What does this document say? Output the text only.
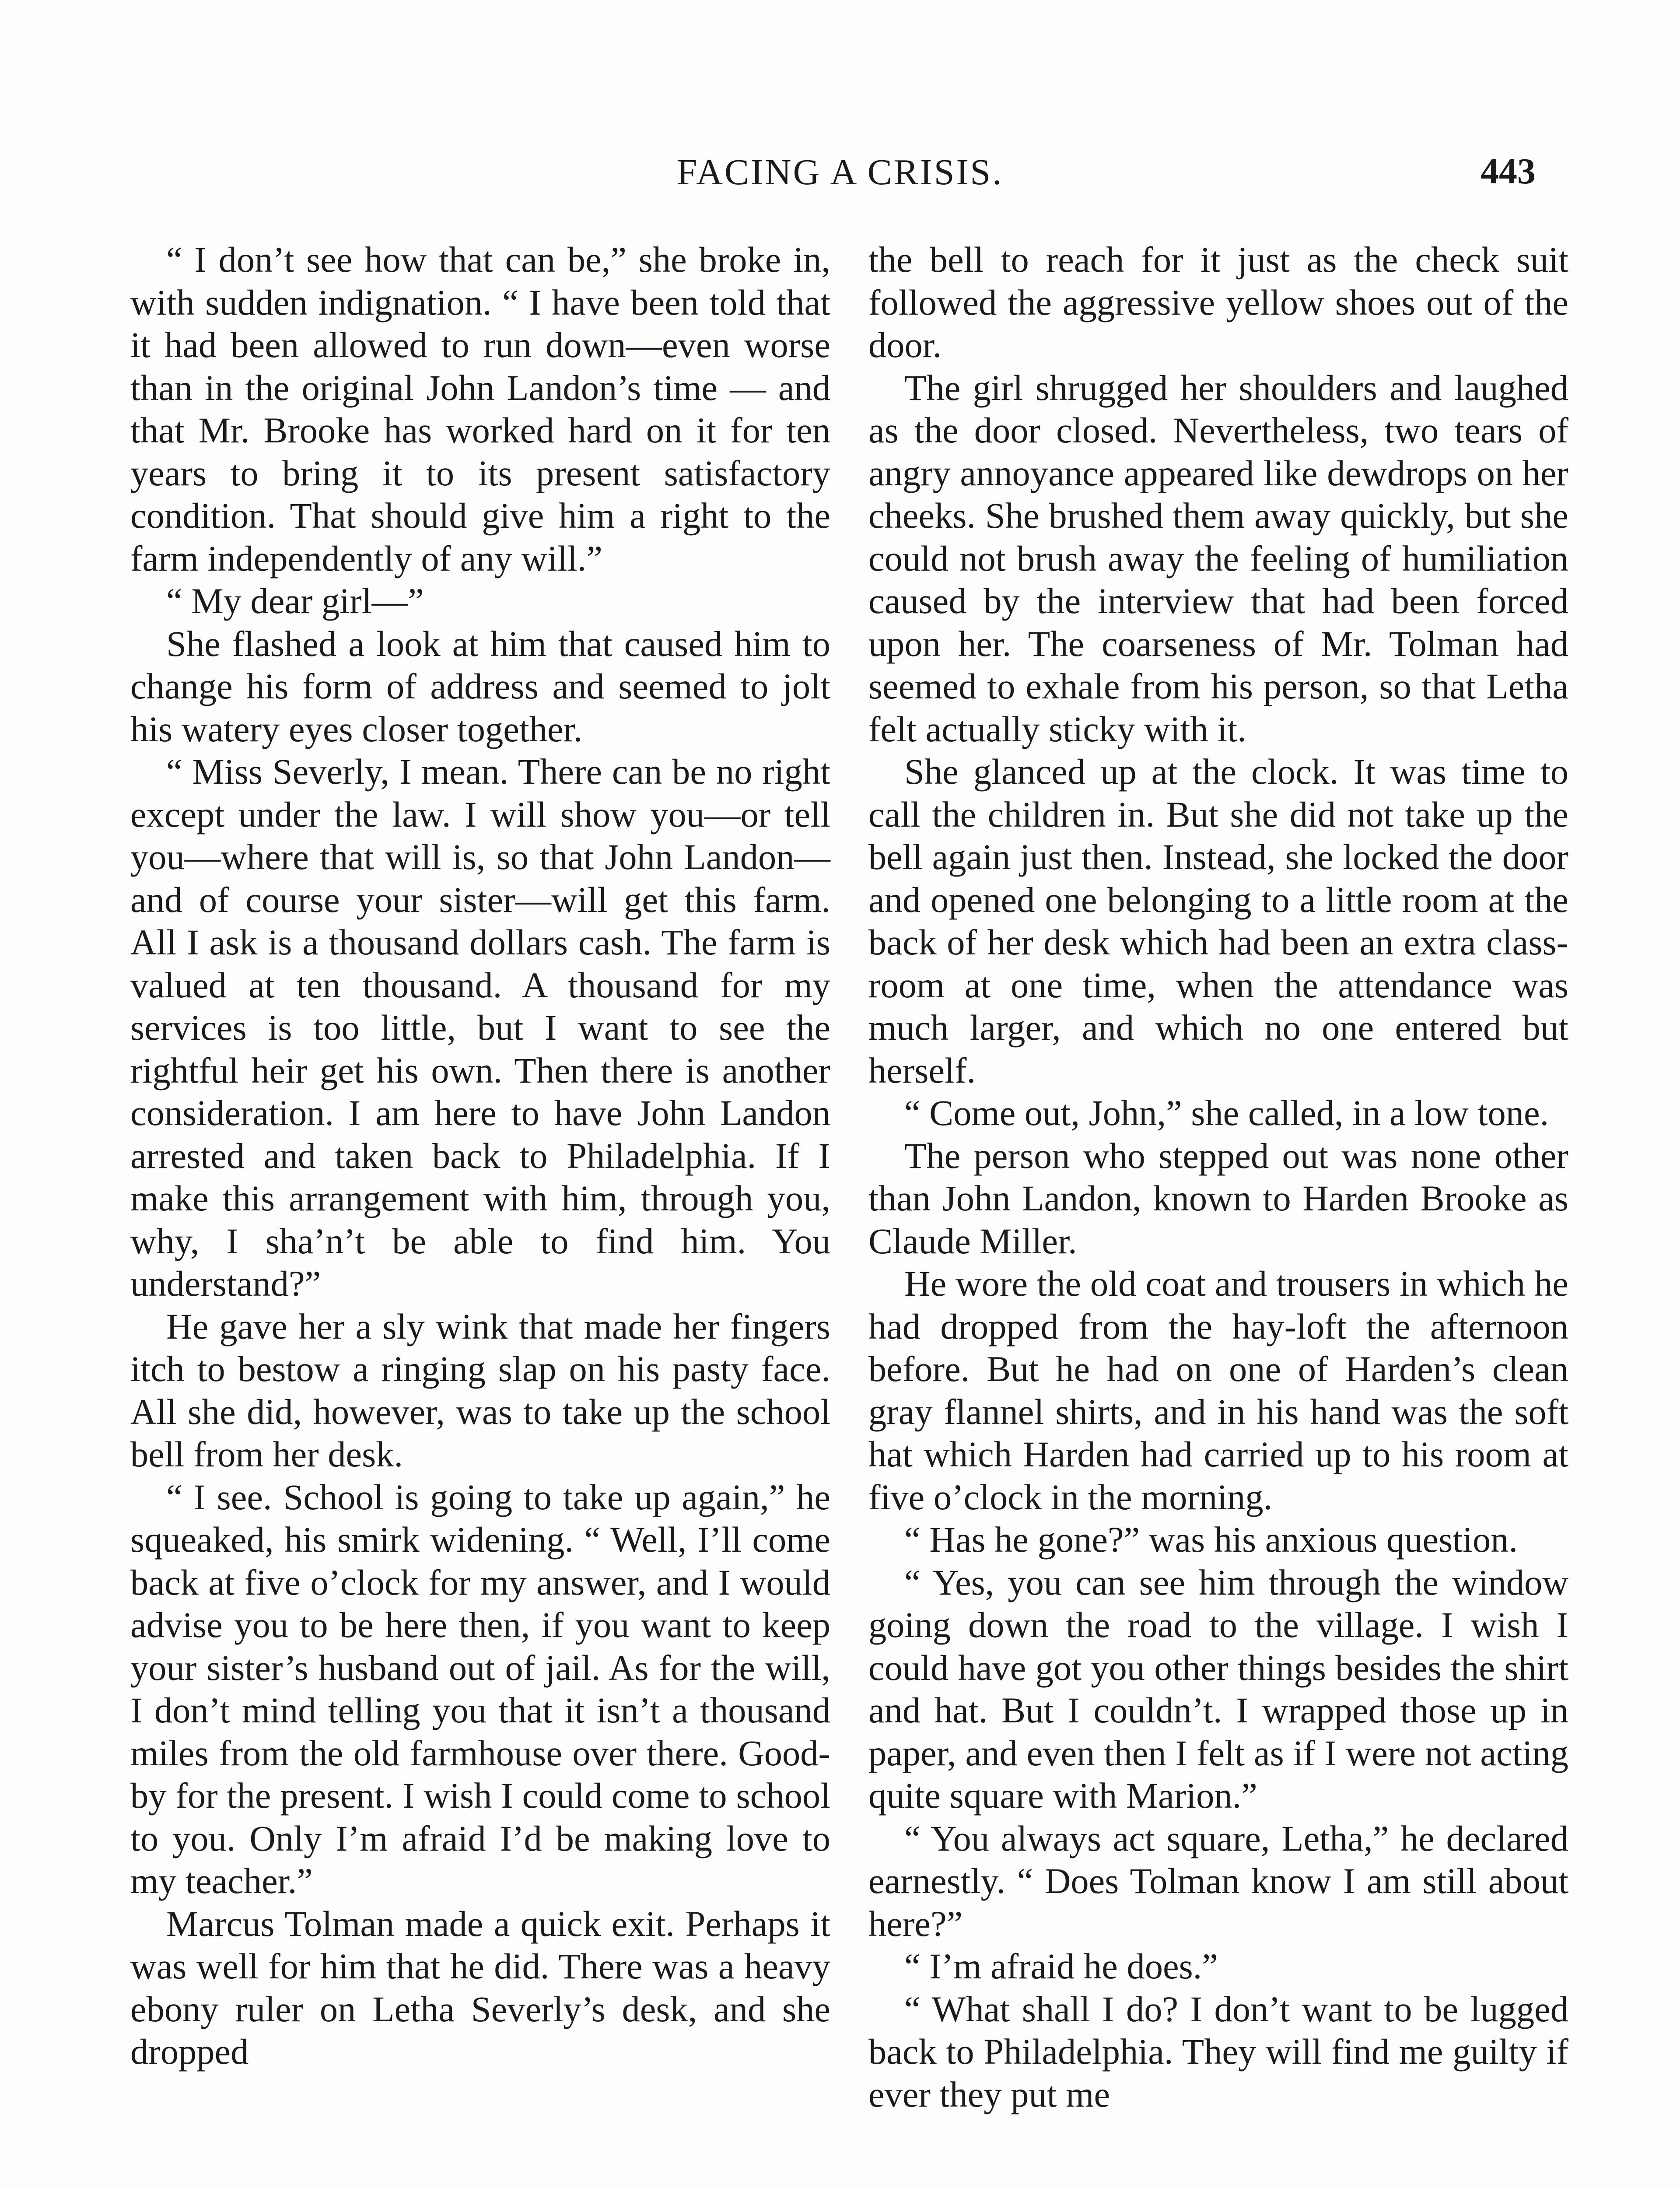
FACING A CRISIS.	443

“ I don’t see how that can be,” she broke in, with sudden indignation. “ I have been told that it had been allowed to run down—even worse than in the original John Landon’s time — and that Mr. Brooke has worked hard on it for ten years to bring it to its present satisfactory condition. That should give him a right to the farm independently of any will.”

“ My dear girl—”

She flashed a look at him that caused him to change his form of address and seemed to jolt his watery eyes closer together.

“ Miss Severly, I mean. There can be no right except under the law. I will show you—or tell you—where that will is, so that John Landon—and of course your sister—will get this farm. All I ask is a thousand dollars cash. The farm is valued at ten thousand. A thousand for my services is too little, but I want to see the rightful heir get his own. Then there is another consideration. I am here to have John Landon arrested and taken back to Philadelphia. If I make this arrangement with him, through you, why, I sha’n’t be able to find him. You understand?”

He gave her a sly wink that made her fingers itch to bestow a ringing slap on his pasty face. All she did, however, was to take up the school bell from her desk.

“ I see. School is going to take up again,” he squeaked, his smirk widening. “ Well, I’ll come back at five o’clock for my answer, and I would advise you to be here then, if you want to keep your sister’s husband out of jail. As for the will, I don’t mind telling you that it isn’t a thousand miles from the old farmhouse over there. Good-by for the present. I wish I could come to school to you. Only I’m afraid I’d be making love to my teacher.”

Marcus Tolman made a quick exit. Perhaps it was well for him that he did. There was a heavy ebony ruler on Letha Severly’s desk, and she dropped

the bell to reach for it just as the check suit followed the aggressive yellow shoes out of the door.

The girl shrugged her shoulders and laughed as the door closed. Nevertheless, two tears of angry annoyance appeared like dewdrops on her cheeks. She brushed them away quickly, but she could not brush away the feeling of humiliation caused by the interview that had been forced upon her. The coarseness of Mr. Tolman had seemed to exhale from his person, so that Letha felt actually sticky with it.

She glanced up at the clock. It was time to call the children in. But she did not take up the bell again just then. Instead, she locked the door and opened one belonging to a little room at the back of her desk which had been an extra class-room at one time, when the attendance was much larger, and which no one entered but herself.

“ Come out, John,” she called, in a low tone.

The person who stepped out was none other than John Landon, known to Harden Brooke as Claude Miller.

He wore the old coat and trousers in which he had dropped from the hay-loft the afternoon before. But he had on one of Harden’s clean gray flannel shirts, and in his hand was the soft hat which Harden had carried up to his room at five o’clock in the morning.

“ Has he gone?” was his anxious question.

“ Yes, you can see him through the window going down the road to the village. I wish I could have got you other things besides the shirt and hat. But I couldn’t. I wrapped those up in paper, and even then I felt as if I were not acting quite square with Marion.”

“ You always act square, Letha,” he declared earnestly. “ Does Tolman know I am still about here?”

“ I’m afraid he does.”

“ What shall I do? I don’t want to be lugged back to Philadelphia. They will find me guilty if ever they put me
